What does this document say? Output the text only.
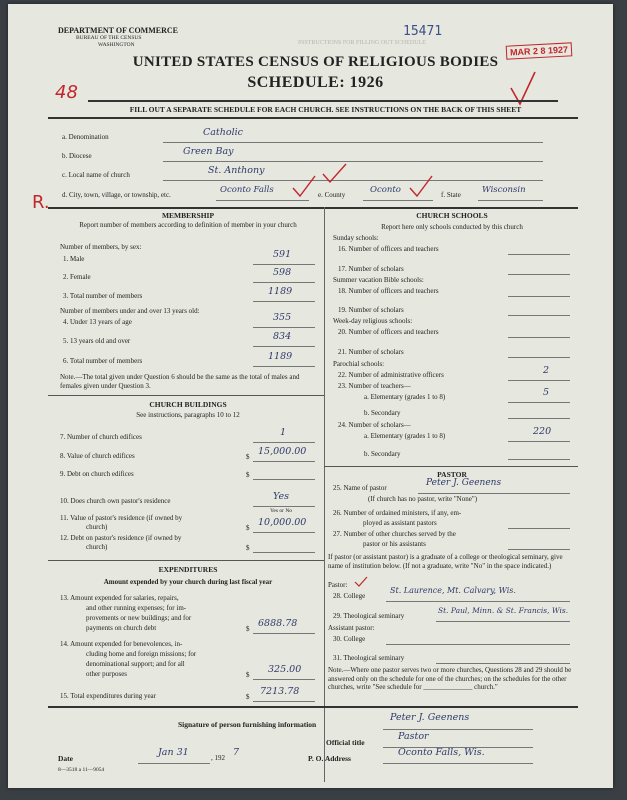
DEPARTMENT OF COMMERCE
BUREAU OF THE CENSUS
WASHINGTON
15471
MAR 2 8 1927
INSTRUCTIONS FOR FILLING OUT SCHEDULE
48
R.
UNITED STATES CENSUS OF RELIGIOUS BODIES
SCHEDULE: 1926
FILL OUT A SEPARATE SCHEDULE FOR EACH CHURCH. SEE INSTRUCTIONS ON THE BACK OF THIS SHEET
a. Denomination	Catholic
b. Diocese	Green Bay
c. Local name of church	St. Anthony
d. City, town, village, or township, etc.	Oconto Falls	e. County	Oconto	f. State Wisconsin
MEMBERSHIP
Report number of members according to definition of member in your church
Number of members, by sex:
1. Male	591
2. Female	598
3. Total number of members	1189
Number of members under and over 13 years old:
4. Under 13 years of age	355
5. 13 years old and over	834
6. Total number of members	1189
Note.—The total given under Question 6 should be the same as the total of males and females given under Question 3.
CHURCH BUILDINGS
See instructions, paragraphs 10 to 12
7. Number of church edifices	1
8. Value of church edifices	$ 15,000.00
9. Debt on church edifices	$
10. Does church own pastor's residence	Yes
Yes or No
11. Value of pastor's residence (if owned by
church)	$ 10,000.00
12. Debt on pastor's residence (if owned by
church)	$
EXPENDITURES
Amount expended by your church during last fiscal year
13. Amount expended for salaries, repairs,
and other running expenses; for im-
provements or new buildings; and for
payments on church debt	$ 6888.78
14. Amount expended for benevolences, in-
cluding home and foreign missions; for
denominational support; and for all
other purposes	$ 325.00
15. Total expenditures during year	$ 7213.78
CHURCH SCHOOLS
Report here only schools conducted by this church
Sunday schools:
16. Number of officers and teachers
17. Number of scholars
Summer vacation Bible schools:
18. Number of officers and teachers
19. Number of scholars
Week-day religious schools:
20. Number of officers and teachers
21. Number of scholars
Parochial schools:
22. Number of administrative officers	2
23. Number of teachers—
a. Elementary (grades 1 to 8)	5
b. Secondary
24. Number of scholars—
a. Elementary (grades 1 to 8)	220
b. Secondary
PASTOR
25. Name of pastor	Peter J. Geenens
(If church has no pastor, write "None")
26. Number of ordained ministers, if any, em-
ployed as assistant pastors
27. Number of other churches served by the
pastor or his assistants
If pastor (or assistant pastor) is a graduate of a college or theological seminary, give name of institution below. (If not a graduate, write "No" in the space indicated.)
Pastor:
28. College
St. Laurence, Mt. Calvary, Wis.
29. Theological seminary
St. Paul, Minn. & St. Francis, Wis.
Assistant pastor:
30. College
31. Theological seminary
Note.—Where one pastor serves two or more churches, Questions 28 and 29 should be answered only on the schedule for one of the churches; on the schedules for the other churches, write "See schedule for ______________ church."
Signature of person furnishing information
Peter J. Geenens
Official title
Pastor
Date
Jan 31	, 192 7
P. O. Address
Oconto Falls, Wis.
8—3518 a 11—9054
